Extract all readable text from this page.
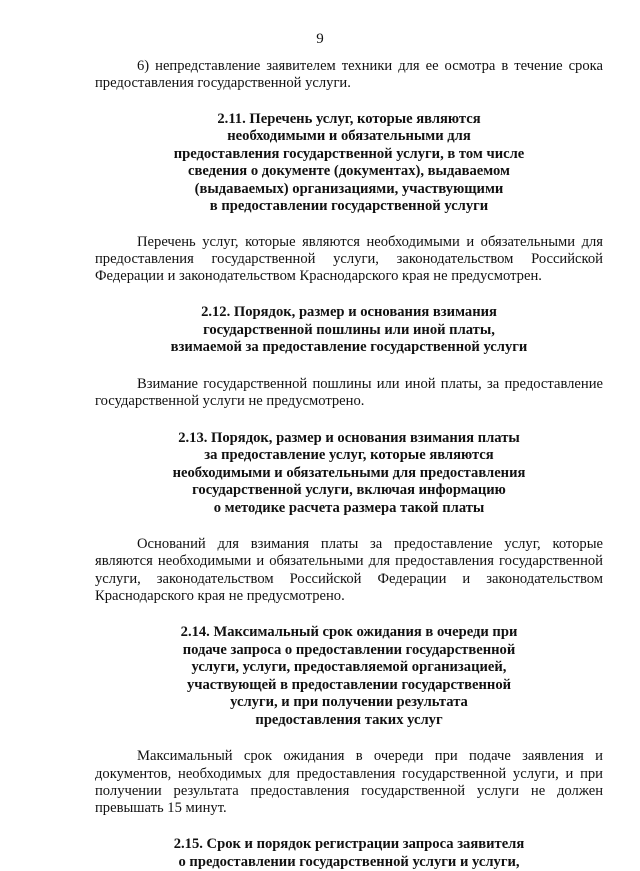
9

6) непредставление заявителем техники для ее осмотра в течение срока предоставления государственной услуги.

2.11. Перечень услуг, которые являются
необходимыми и обязательными для
предоставления государственной услуги, в том числе
сведения о документе (документах), выдаваемом
(выдаваемых) организациями, участвующими
в предоставлении государственной услуги

Перечень услуг, которые являются необходимыми и обязательными для предоставления государственной услуги, законодательством Российской Федерации и законодательством Краснодарского края не предусмотрен.

2.12. Порядок, размер и основания взимания
государственной пошлины или иной платы,
взимаемой за предоставление государственной услуги

Взимание государственной пошлины или иной платы, за предоставление государственной услуги не предусмотрено.

2.13. Порядок, размер и основания взимания платы
за предоставление услуг, которые являются
необходимыми и обязательными для предоставления
государственной услуги, включая информацию
о методике расчета размера такой платы

Оснований для взимания платы за предоставление услуг, которые являются необходимыми и обязательными для предоставления государственной услуги, законодательством Российской Федерации и законодательством Краснодарского края не предусмотрено.

2.14. Максимальный срок ожидания в очереди при
подаче запроса о предоставлении государственной
услуги, услуги, предоставляемой организацией,
участвующей в предоставлении государственной
услуги, и при получении результата
предоставления таких услуг

Максимальный срок ожидания в очереди при подаче заявления и документов, необходимых для предоставления государственной услуги, и при получении результата предоставления государственной услуги не должен превышать 15 минут.

2.15. Срок и порядок регистрации запроса заявителя
о предоставлении государственной услуги и услуги,
